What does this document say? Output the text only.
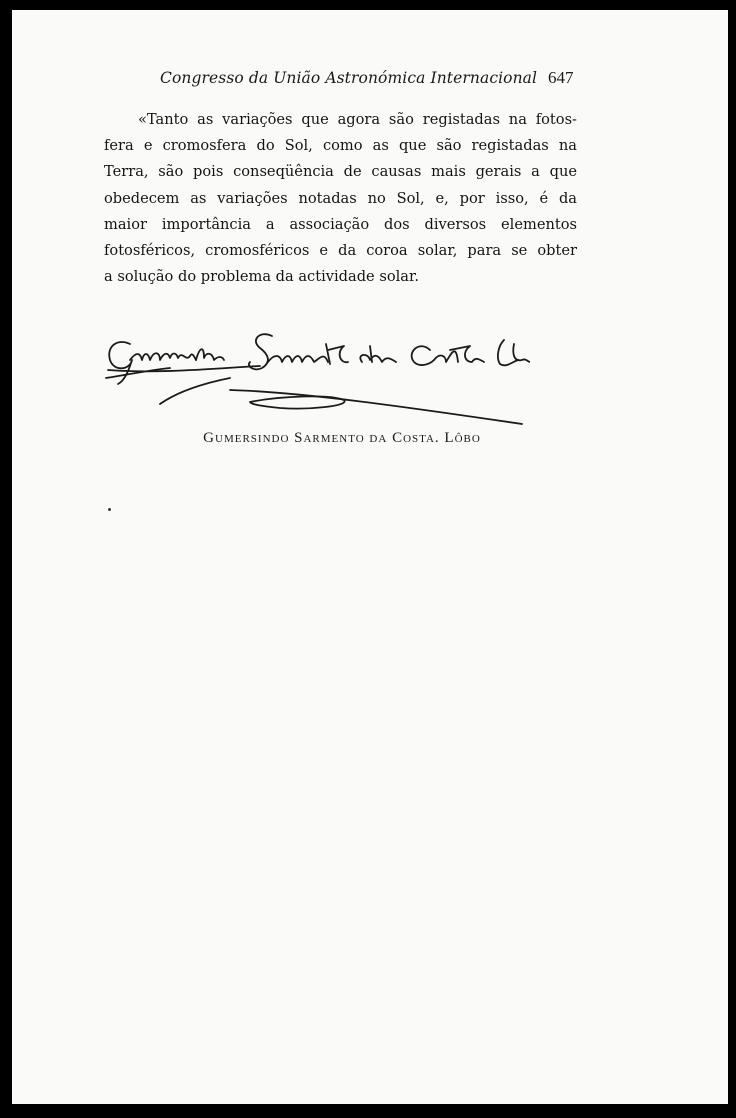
Congresso da União Astronómica Internacional 647
«Tanto as variações que agora são registadas na fotos-
fera e cromosfera do Sol, como as que são registadas na
Terra, são pois conseqüência de causas mais gerais a que
obedecem as variações notadas no Sol, e, por isso, é da
maior importância a associação dos diversos elementos
fotosféricos, cromosféricos e da coroa solar, para se obter
a solução do problema da actividade solar.
Gumersindo Sarmento da Costa. Lôbo
